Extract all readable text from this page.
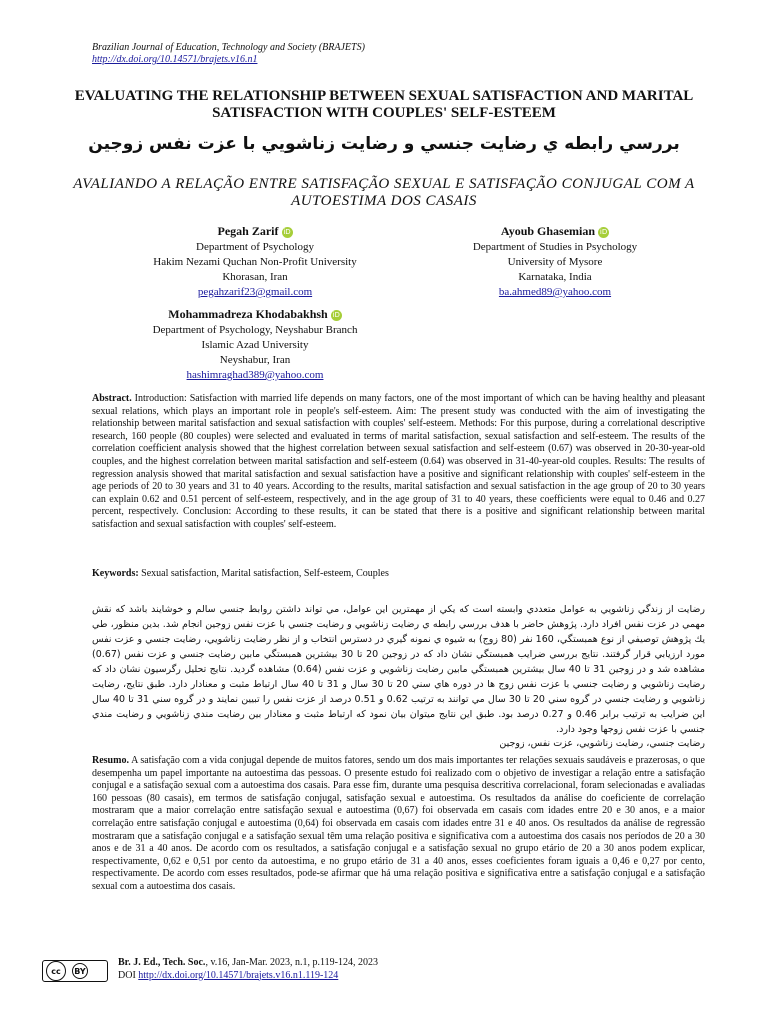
Brazilian Journal of Education, Technology and Society (BRAJETS)
http://dx.doi.org/10.14571/brajets.v16.n1
EVALUATING THE RELATIONSHIP BETWEEN SEXUAL SATISFACTION AND MARITAL SATISFACTION WITH COUPLES' SELF-ESTEEM
بررسي رابطه ي رضايت جنسي و رضايت زناشويي با عزت نفس زوجين
AVALIANDO A RELAÇÃO ENTRE SATISFAÇÃO SEXUAL E SATISFAÇÃO CONJUGAL COM A AUTOESTIMA DOS CASAIS
Pegah Zarif iD
Department of Psychology
Hakim Nezami Quchan Non-Profit University
Khorasan, Iran
pegahzarif23@gmail.com
Ayoub Ghasemian iD
Department of Studies in Psychology
University of Mysore
Karnataka, India
ba.ahmed89@yahoo.com
Mohammadreza Khodabakhsh iD
Department of Psychology, Neyshabur Branch
Islamic Azad University
Neyshabur, Iran
hashimraghad389@yahoo.com
Abstract. Introduction: Satisfaction with married life depends on many factors, one of the most important of which can be having healthy and pleasant sexual relations, which plays an important role in people's self-esteem. Aim: The present study was conducted with the aim of investigating the relationship between marital satisfaction and sexual satisfaction with couples' self-esteem. Methods: For this purpose, during a correlational descriptive research, 160 people (80 couples) were selected and evaluated in terms of marital satisfaction, sexual satisfaction and self-esteem. The results of the correlation coefficient analysis showed that the highest correlation between sexual satisfaction and self-esteem (0.67) was observed in 20-30-year-old couples, and the highest correlation between marital satisfaction and self-esteem (0.64) was observed in 31-40-year-old couples. Results: The results of regression analysis showed that marital satisfaction and sexual satisfaction have a positive and significant relationship with couples' self-esteem in the age periods of 20 to 30 years and 31 to 40 years. According to the results, marital satisfaction and sexual satisfaction in the age group of 20 to 30 years can explain 0.62 and 0.51 percent of self-esteem, respectively, and in the age group of 31 to 40 years, these coefficients were equal to 0.46 and 0.27 percent, respectively. Conclusion: According to these results, it can be stated that there is a positive and significant relationship between marital satisfaction and sexual satisfaction with couples' self-esteem.
Keywords: Sexual satisfaction, Marital satisfaction, Self-esteem, Couples
رضايت از زندگي زناشويي به عوامل متعددي وابسته است كه يكي از مهمترين اين عوامل، مي تواند داشتن روابط جنسي سالم و خوشايند باشد كه نقش مهمي در عزت نفس افراد دارد. پژوهش حاضر با هدف بررسي رابطه ي رضايت زناشويي و رضايت جنسي با عزت نفس زوجين انجام شد. بدين منظور، طي يك پژوهش توصيفي از نوع همبستگي، 160 نفر (80 زوج) به شيوه ي نمونه گيري در دسترس انتخاب و از نظر رضايت زناشويي، رضايت جنسي و عزت نفس مورد ارزيابي قرار گرفتند. نتايج بررسي ضرايب همبستگي نشان داد كه در زوجين 20 تا 30 بيشترين همبستگي مابين رضايت جنسي و عزت نفس (0.67) مشاهده شد و در زوجين 31 تا 40 سال بيشترين همبستگي مابين رضايت زناشويي و عزت نفس (0.64) مشاهده گرديد. نتايج تحليل رگرسيون نشان داد كه رضايت زناشويي و رضايت جنسي با عزت نفس زوج ها در دوره هاي سني 20 تا 30 سال و 31 تا 40 سال ارتباط مثبت و معنادار دارد. طبق نتايج، رضايت زناشويي و رضايت جنسي در گروه سني 20 تا 30 سال مي توانند به ترتيب 0.62 و 0.51 درصد از عزت نفس را تبيين نمايند و در گروه سني 31 تا 40 سال اين ضرايب به ترتيب برابر 0.46 و 0.27 درصد بود. طبق اين نتايج ميتوان بيان نمود كه ارتباط مثبت و معنادار بين رضايت مندي زناشويي و رضايت مندي جنسي با عزت نفس زوجها وجود دارد.
رضايت جنسي، رضايت زناشويي، عزت نفس، زوجين
Resumo. A satisfação com a vida conjugal depende de muitos fatores, sendo um dos mais importantes ter relações sexuais saudáveis e prazerosas, o que desempenha um papel importante na autoestima das pessoas. O presente estudo foi realizado com o objetivo de investigar a relação entre a satisfação conjugal e a satisfação sexual com a autoestima dos casais. Para esse fim, durante uma pesquisa descritiva correlacional, foram selecionadas e avaliadas 160 pessoas (80 casais), em termos de satisfação conjugal, satisfação sexual e autoestima. Os resultados da análise do coeficiente de correlação mostraram que a maior correlação entre satisfação sexual e autoestima (0,67) foi observada em casais com idades entre 20 e 30 anos, e a maior correlação entre satisfação conjugal e autoestima (0,64) foi observada em casais com idades entre 31 e 40 anos. Os resultados da análise de regressão mostraram que a satisfação conjugal e a satisfação sexual têm uma relação positiva e significativa com a autoestima dos casais nos períodos de 20 a 30 anos e de 31 a 40 anos. De acordo com os resultados, a satisfação conjugal e a satisfação sexual no grupo etário de 20 a 30 anos podem explicar, respectivamente, 0,62 e 0,51 por cento da autoestima, e no grupo etário de 31 a 40 anos, esses coeficientes foram iguais a 0,46 e 0,27 por cento, respectivamente. De acordo com esses resultados, pode-se afirmar que há uma relação positiva e significativa entre a satisfação conjugal e a satisfação sexual com a autoestima dos casais.
cc	BY
Br. J. Ed., Tech. Soc., v.16, Jan-Mar. 2023, n.1, p.119-124, 2023
DOI http://dx.doi.org/10.14571/brajets.v16.n1.119-124
